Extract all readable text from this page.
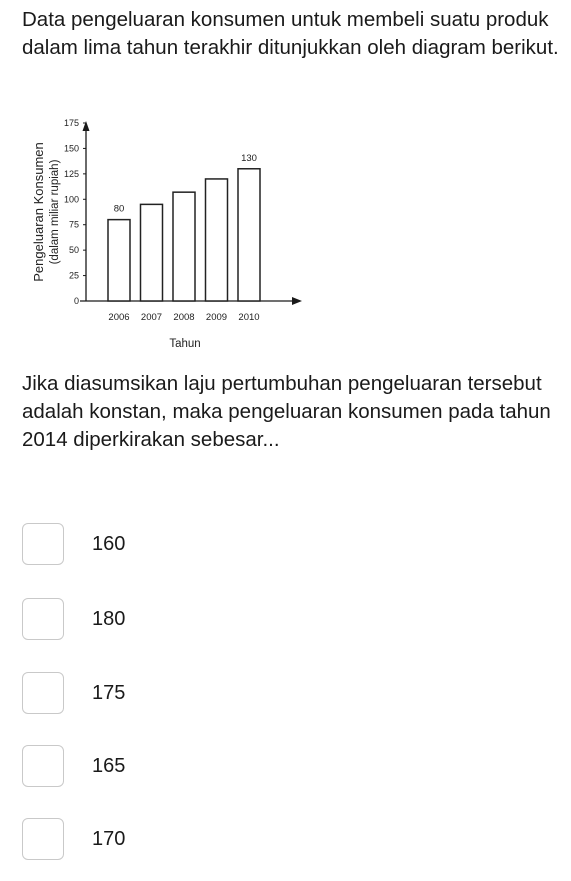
Data pengeluaran konsumen untuk membeli suatu produk dalam lima tahun terakhir ditunjukkan oleh diagram berikut.

0
25
50
75
100
125
150
175
2006
80
2007 2008 2009 2010
130
Tahun
Pengeluaran Konsumen (dalam miliar rupiah)

Jika diasumsikan laju pertumbuhan pengeluaran tersebut adalah konstan, maka pengeluaran konsumen pada tahun 2014 diperkirakan sebesar...

160
180
175
165
170
